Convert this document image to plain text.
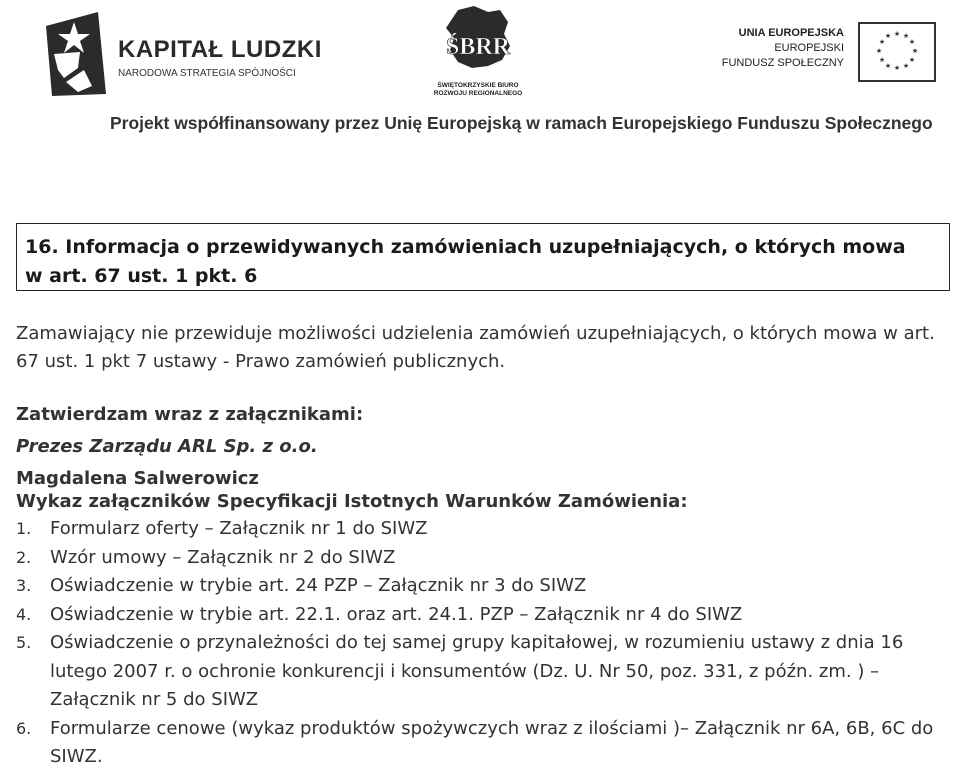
KAPITAŁ LUDZKI
NARODOWA STRATEGIA SPÓJNOŚCI
ŚBRR
ŚWIĘTOKRZYSKIE BIURO
ROZWOJU REGIONALNEGO
UNIA EUROPEJSKA
EUROPEJSKI
FUNDUSZ SPOŁECZNY
★ ★
★
★
★
★
★
★
★
★
★
★
Projekt współfinansowany przez Unię Europejską w ramach Europejskiego Funduszu Społecznego
16. Informacja o przewidywanych zamówieniach uzupełniających, o których mowa w art. 67 ust. 1 pkt. 6
Zamawiający nie przewiduje możliwości udzielenia zamówień uzupełniających, o których mowa w art. 67 ust. 1 pkt 7 ustawy - Prawo zamówień publicznych.
Zatwierdzam wraz z załącznikami:
Prezes Zarządu ARL Sp. z o.o.
Magdalena Salwerowicz
Wykaz załączników Specyfikacji Istotnych Warunków Zamówienia:
1. Formularz oferty – Załącznik nr 1 do SIWZ
2. Wzór umowy – Załącznik nr 2 do SIWZ
3. Oświadczenie w trybie art. 24 PZP – Załącznik nr 3 do SIWZ
4. Oświadczenie w trybie art. 22.1. oraz art. 24.1. PZP – Załącznik nr 4 do SIWZ
5. Oświadczenie o przynależności do tej samej grupy kapitałowej, w rozumieniu ustawy z dnia 16 lutego 2007 r. o ochronie konkurencji i konsumentów (Dz. U. Nr 50, poz. 331, z późn. zm. ) – Załącznik nr 5 do SIWZ
6. Formularze cenowe (wykaz produktów spożywczych wraz z ilościami )– Załącznik nr 6A, 6B, 6C do SIWZ.
